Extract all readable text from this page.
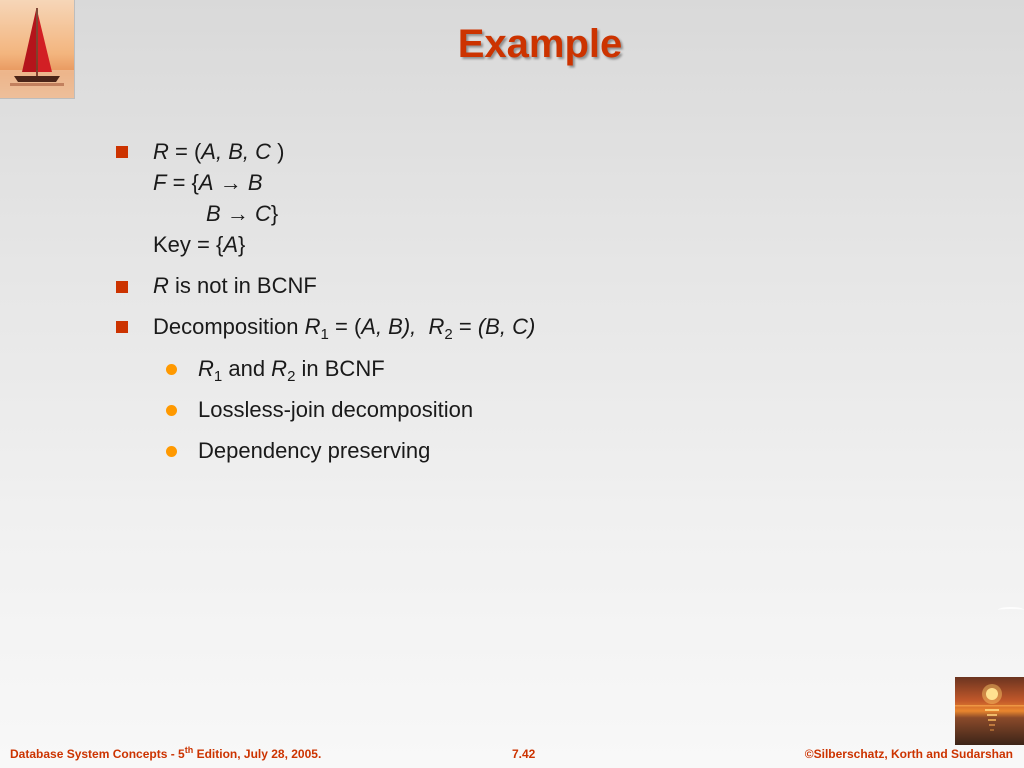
Example
R = (A, B, C )
F = {A → B
B → C}
Key = {A}
R is not in BCNF
Decomposition $R_1 = (A$, B), $R_2 = (B$, C)
$R_1$ and $R_2$ in BCNF
Lossless-join decomposition
Dependency preserving
Database System Concepts - 5th Edition, July 28, 2005.	7.42	©Silberschatz, Korth and Sudarshan
